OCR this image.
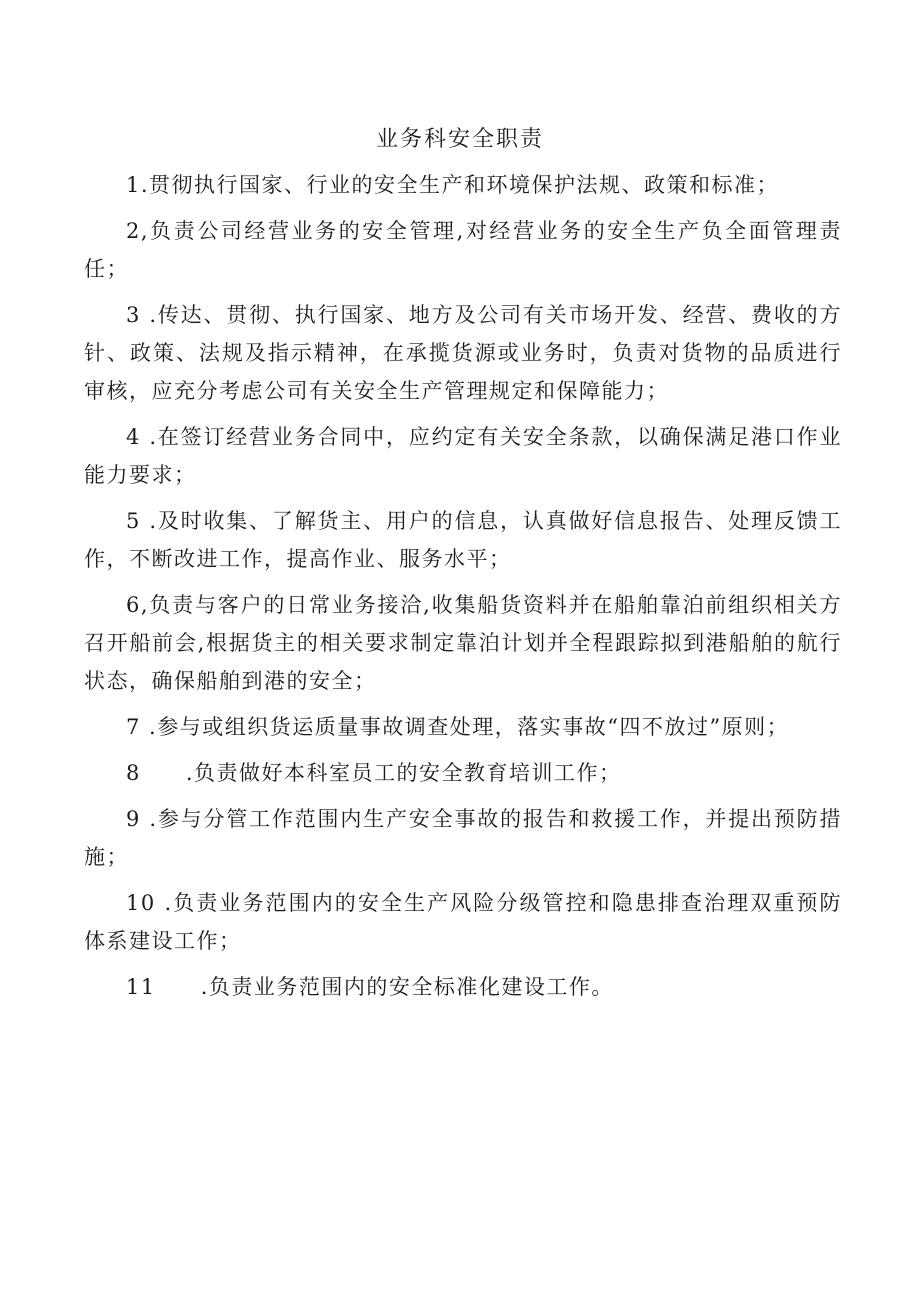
业务科安全职责

1.贯彻执行国家、行业的安全生产和环境保护法规、政策和标准；

2,负责公司经营业务的安全管理,对经营业务的安全生产负全面管理责任；

3 .传达、贯彻、执行国家、地方及公司有关市场开发、经营、费收的方针、政策、法规及指示精神，在承揽货源或业务时，负责对货物的品质进行审核，应充分考虑公司有关安全生产管理规定和保障能力；

4 .在签订经营业务合同中，应约定有关安全条款，以确保满足港口作业能力要求；

5 .及时收集、了解货主、用户的信息，认真做好信息报告、处理反馈工作，不断改进工作，提高作业、服务水平；

6,负责与客户的日常业务接洽,收集船货资料并在船舶靠泊前组织相关方召开船前会,根据货主的相关要求制定靠泊计划并全程跟踪拟到港船舶的航行状态，确保船舶到港的安全；

7 .参与或组织货运质量事故调查处理，落实事故“四不放过”原则；

8　　.负责做好本科室员工的安全教育培训工作；

9 .参与分管工作范围内生产安全事故的报告和救援工作，并提出预防措施；

10 .负责业务范围内的安全生产风险分级管控和隐患排查治理双重预防体系建设工作；

11　　.负责业务范围内的安全标准化建设工作。
